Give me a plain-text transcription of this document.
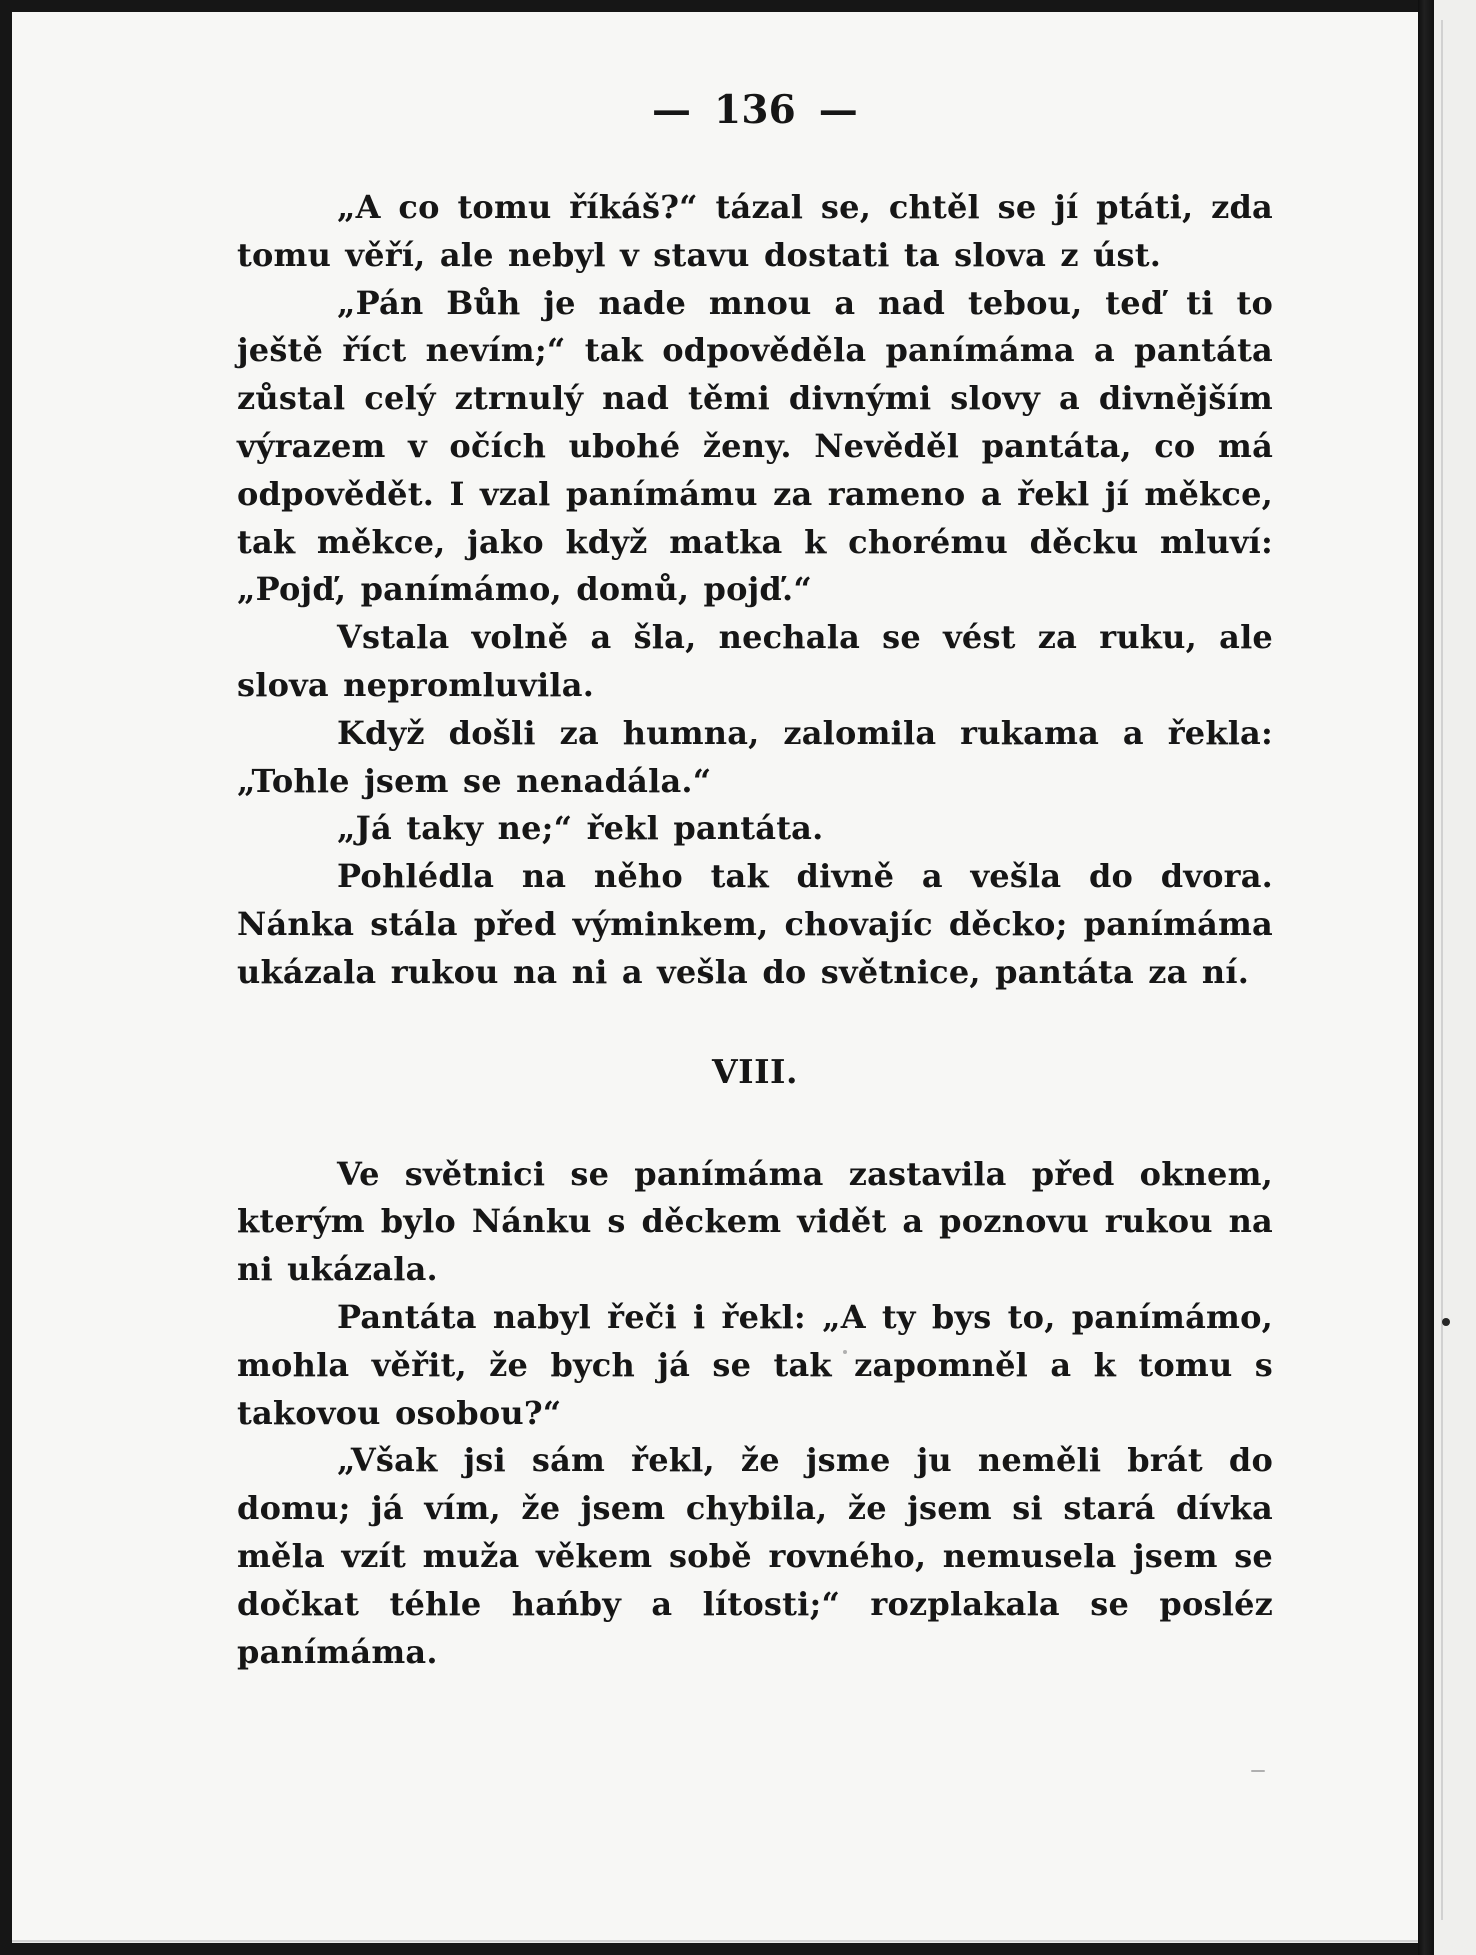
— 136 —

„A co tomu říkáš?“ tázal se, chtěl se jí ptáti, zda tomu věří, ale nebyl v stavu dostati ta slova z úst.

„Pán Bůh je nade mnou a nad tebou, teď ti to ještě říct nevím;“ tak odpověděla panímáma a pantáta zůstal celý ztrnulý nad těmi divnými slovy a divnějším výrazem v očích ubohé ženy. Nevěděl pantáta, co má odpovědět. I vzal panímámu za rameno a řekl jí měkce, tak měkce, jako když matka k chorému děcku mluví: „Pojď, panímámo, domů, pojď.“

Vstala volně a šla, nechala se vést za ruku, ale slova nepromluvila.

Když došli za humna, zalomila rukama a řekla: „Tohle jsem se nenadála.“

„Já taky ne;“ řekl pantáta.

Pohlédla na něho tak divně a vešla do dvora. Nánka stála před výminkem, chovajíc děcko; panímáma ukázala rukou na ni a vešla do světnice, pantáta za ní.

VIII.

Ve světnici se panímáma zastavila před oknem, kterým bylo Nánku s děckem vidět a poznovu rukou na ni ukázala.

Pantáta nabyl řeči i řekl: „A ty bys to, panímámo, mohla věřit, že bych já se tak zapomněl a k tomu s takovou osobou?“

„Však jsi sám řekl, že jsme ju neměli brát do domu; já vím, že jsem chybila, že jsem si stará dívka měla vzít muža věkem sobě rovného, nemusela jsem se dočkat téhle hańby a lítosti;“ rozplakala se posléz panímáma.
